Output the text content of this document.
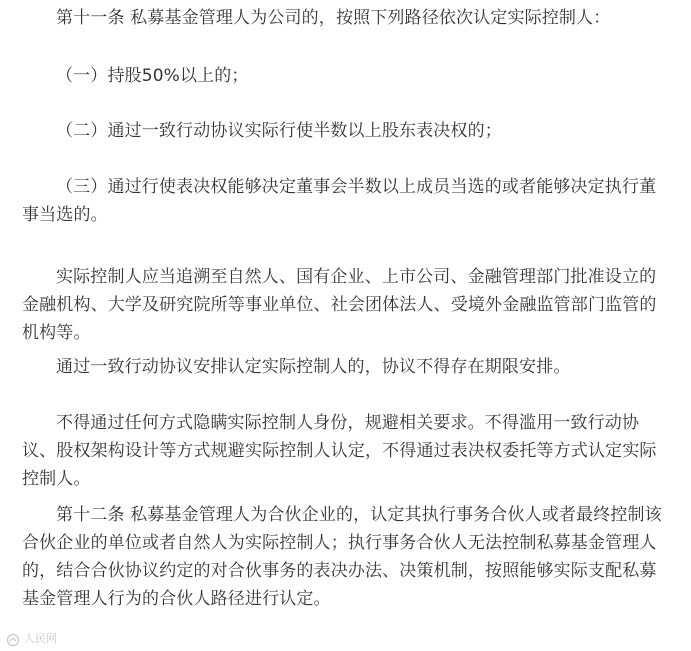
第十一条 私募基金管理人为公司的，按照下列路径依次认定实际控制人：

（一）持股50%以上的；

（二）通过一致行动协议实际行使半数以上股东表决权的；

（三）通过行使表决权能够决定董事会半数以上成员当选的或者能够决定执行董事当选的。

实际控制人应当追溯至自然人、国有企业、上市公司、金融管理部门批准设立的金融机构、大学及研究院所等事业单位、社会团体法人、受境外金融监管部门监管的机构等。

通过一致行动协议安排认定实际控制人的，协议不得存在期限安排。

不得通过任何方式隐瞒实际控制人身份，规避相关要求。不得滥用一致行动协议、股权架构设计等方式规避实际控制人认定，不得通过表决权委托等方式认定实际控制人。

第十二条 私募基金管理人为合伙企业的，认定其执行事务合伙人或者最终控制该合伙企业的单位或者自然人为实际控制人；执行事务合伙人无法控制私募基金管理人的，结合合伙协议约定的对合伙事务的表决办法、决策机制，按照能够实际支配私募基金管理人行为的合伙人路径进行认定。

人民网
